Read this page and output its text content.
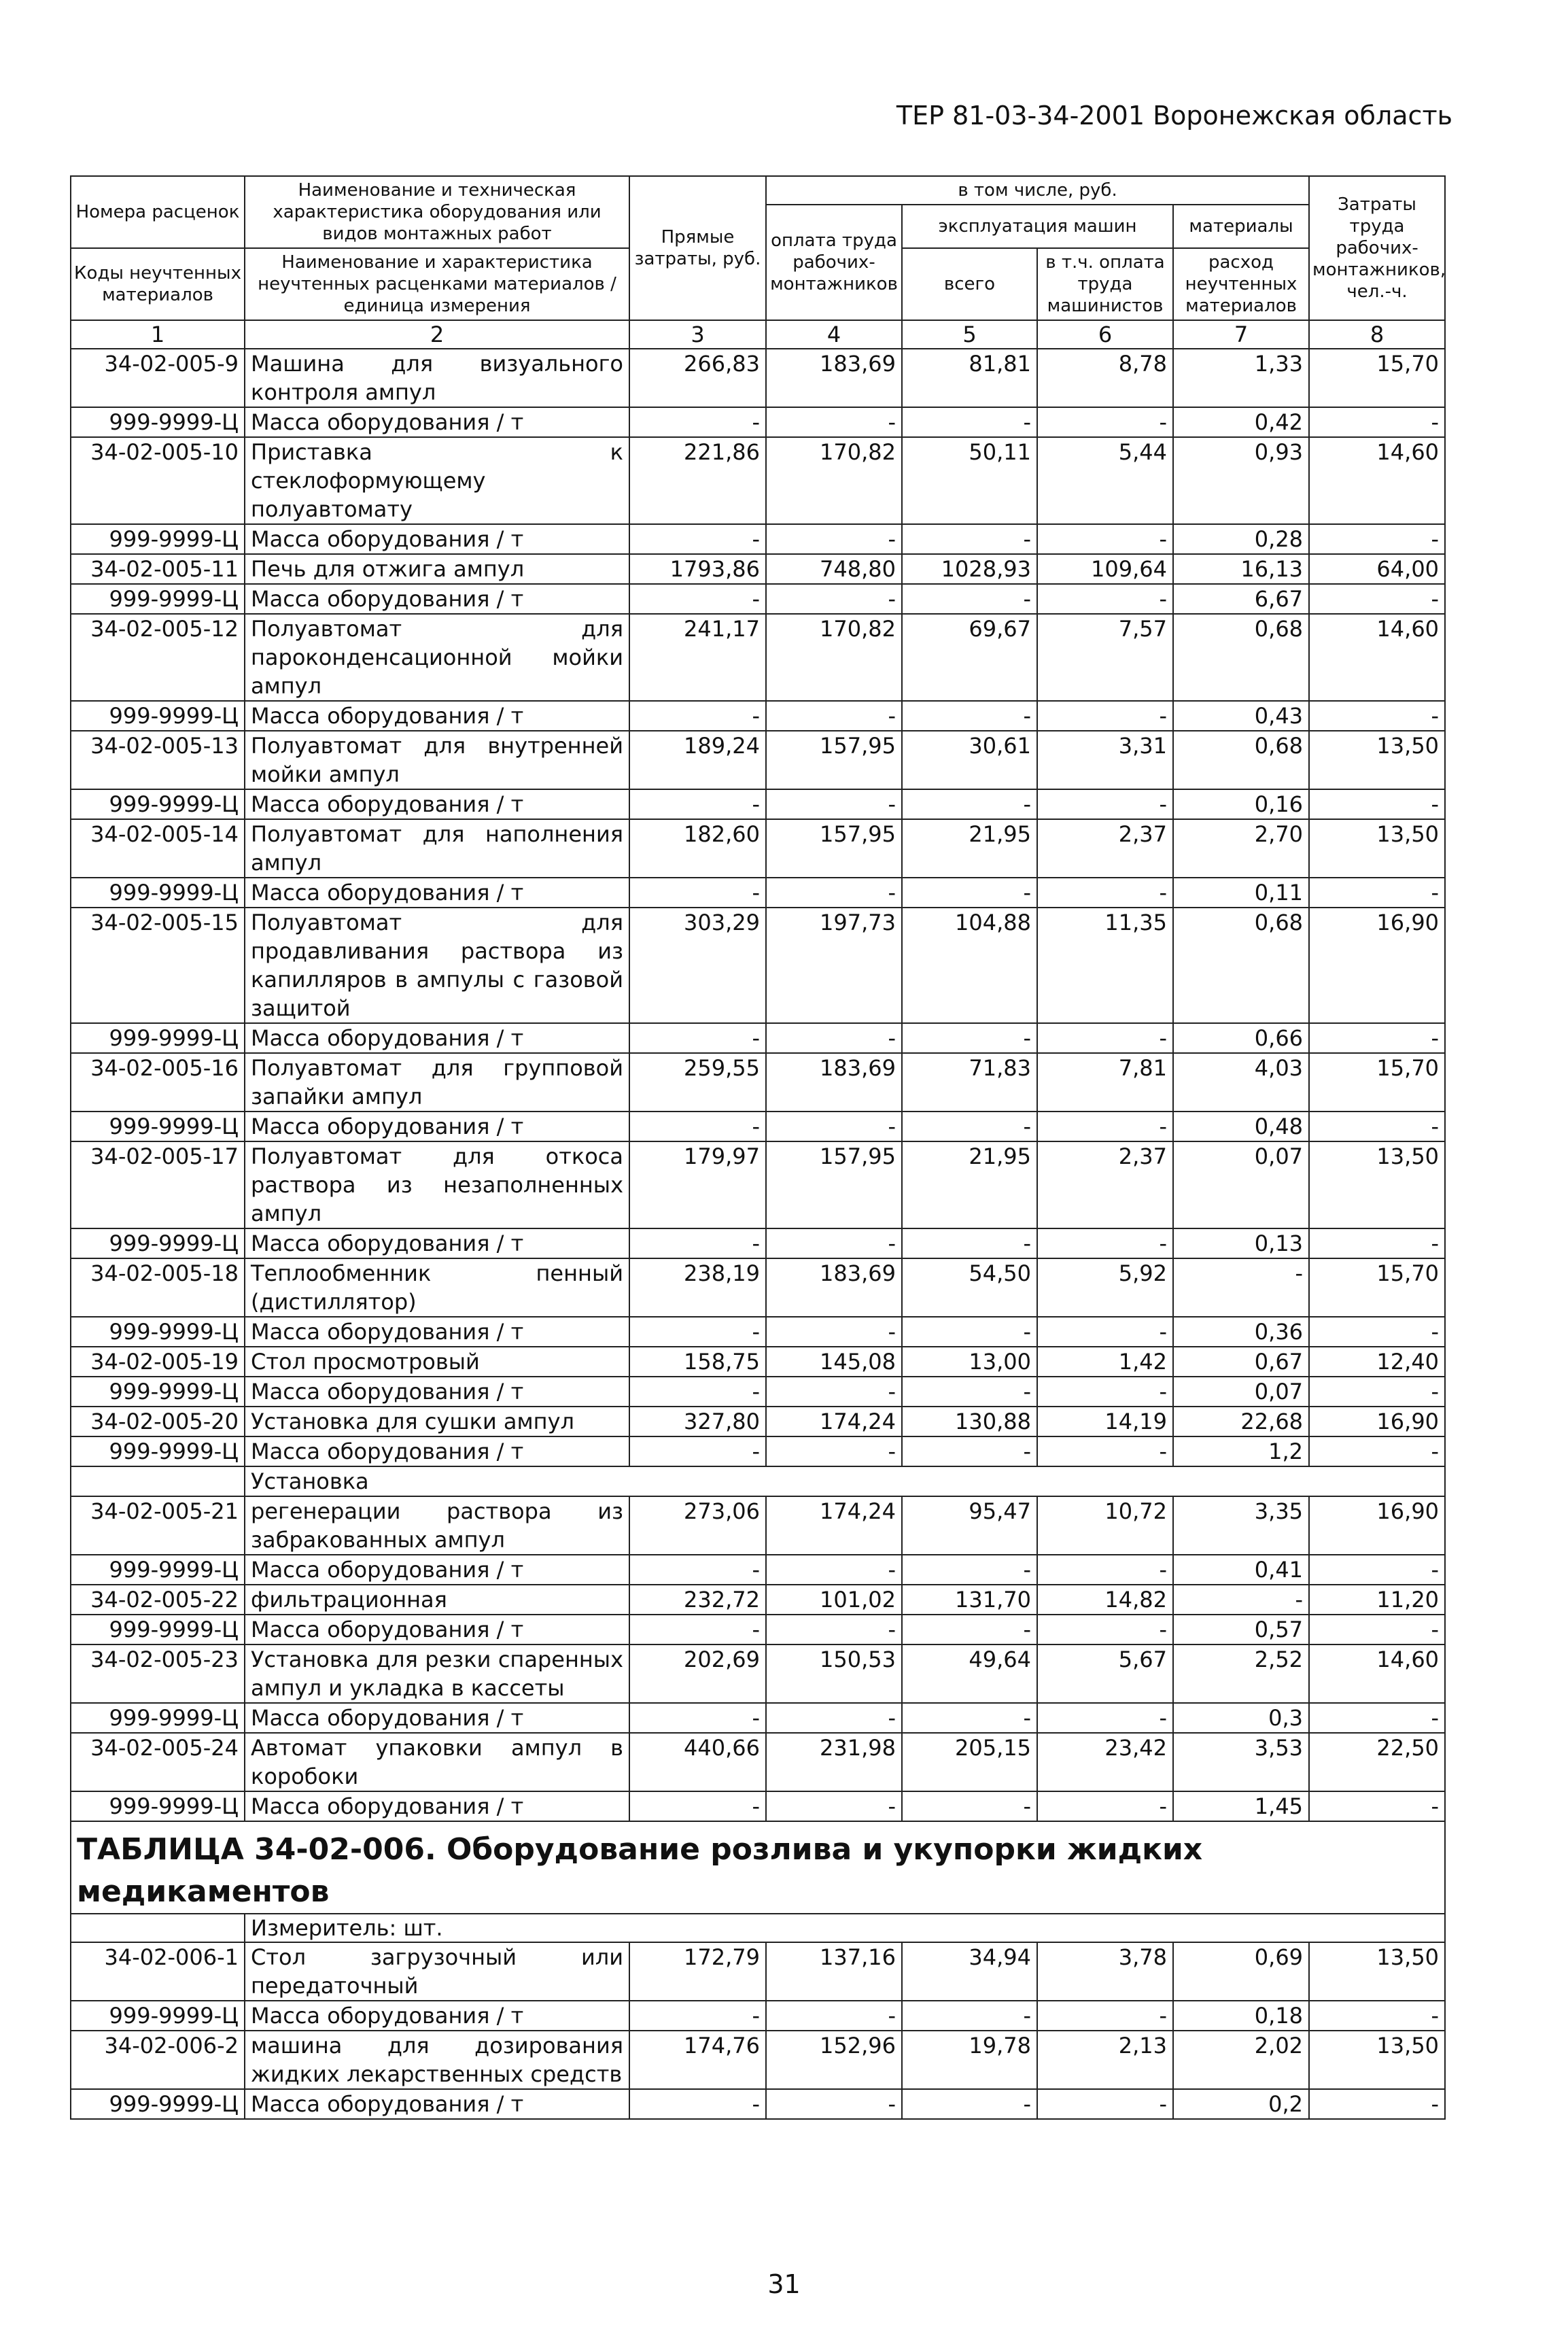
ТЕР 81-03-34-2001 Воронежская область
Номера расценок	Наименование и техническая характеристика оборудования или видов монтажных работ	Прямые затраты, руб.	в том числе, руб.				Затраты труда рабочих-монтажников, чел.-ч.
			оплата труда рабочих-монтажников	эксплуатация машин		материалы	
Коды неучтенных материалов	Наименование и характеристика неучтенных расценками материалов / единица измерения			всего	в т.ч. оплата труда машинистов	расход неучтенных материалов	

1	2	3	4	5	6	7	8
34-02-005-9	Машина для визуального контроля ампул	266,83	183,69	81,81	8,78	1,33	15,70
999-9999-Ц	Масса оборудования / т	-	-	-	-	0,42	-
34-02-005-10	Приставка к стеклоформующему полуавтомату	221,86	170,82	50,11	5,44	0,93	14,60
999-9999-Ц	Масса оборудования / т	-	-	-	-	0,28	-
34-02-005-11	Печь для отжига ампул	1793,86	748,80	1028,93	109,64	16,13	64,00
999-9999-Ц	Масса оборудования / т	-	-	-	-	6,67	-
34-02-005-12	Полуавтомат для пароконденсационной мойки ампул	241,17	170,82	69,67	7,57	0,68	14,60
999-9999-Ц	Масса оборудования / т	-	-	-	-	0,43	-
34-02-005-13	Полуавтомат для внутренней мойки ампул	189,24	157,95	30,61	3,31	0,68	13,50
999-9999-Ц	Масса оборудования / т	-	-	-	-	0,16	-
34-02-005-14	Полуавтомат для наполнения ампул	182,60	157,95	21,95	2,37	2,70	13,50
999-9999-Ц	Масса оборудования / т	-	-	-	-	0,11	-
34-02-005-15	Полуавтомат для продавливания раствора из капилляров в ампулы с газовой защитой	303,29	197,73	104,88	11,35	0,68	16,90
999-9999-Ц	Масса оборудования / т	-	-	-	-	0,66	-
34-02-005-16	Полуавтомат для групповой запайки ампул	259,55	183,69	71,83	7,81	4,03	15,70
999-9999-Ц	Масса оборудования / т	-	-	-	-	0,48	-
34-02-005-17	Полуавтомат для откоса раствора из незаполненных ампул	179,97	157,95	21,95	2,37	0,07	13,50
999-9999-Ц	Масса оборудования / т	-	-	-	-	0,13	-
34-02-005-18	Теплообменник пенный (дистиллятор)	238,19	183,69	54,50	5,92	-	15,70
999-9999-Ц	Масса оборудования / т	-	-	-	-	0,36	-
34-02-005-19	Стол просмотровый	158,75	145,08	13,00	1,42	0,67	12,40
999-9999-Ц	Масса оборудования / т	-	-	-	-	0,07	-
34-02-005-20	Установка для сушки ампул	327,80	174,24	130,88	14,19	22,68	16,90
999-9999-Ц	Масса оборудования / т	-	-	-	-	1,2	-
	Установка						
34-02-005-21	регенерации раствора из забракованных ампул	273,06	174,24	95,47	10,72	3,35	16,90
999-9999-Ц	Масса оборудования / т	-	-	-	-	0,41	-
34-02-005-22	фильтрационная	232,72	101,02	131,70	14,82	-	11,20
999-9999-Ц	Масса оборудования / т	-	-	-	-	0,57	-
34-02-005-23	Установка для резки спаренных ампул и укладка в кассеты	202,69	150,53	49,64	5,67	2,52	14,60
999-9999-Ц	Масса оборудования / т	-	-	-	-	0,3	-
34-02-005-24	Автомат упаковки ампул в коробоки	440,66	231,98	205,15	23,42	3,53	22,50
999-9999-Ц	Масса оборудования / т	-	-	-	-	1,45	-
ТАБЛИЦА 34-02-006. Оборудование розлива и укупорки жидких медикаментов							
	Измеритель: шт.						
34-02-006-1	Стол загрузочный или передаточный	172,79	137,16	34,94	3,78	0,69	13,50
999-9999-Ц	Масса оборудования / т	-	-	-	-	0,18	-
34-02-006-2	машина для дозирования жидких лекарственных средств	174,76	152,96	19,78	2,13	2,02	13,50
999-9999-Ц	Масса оборудования / т	-	-	-	-	0,2	-
31
